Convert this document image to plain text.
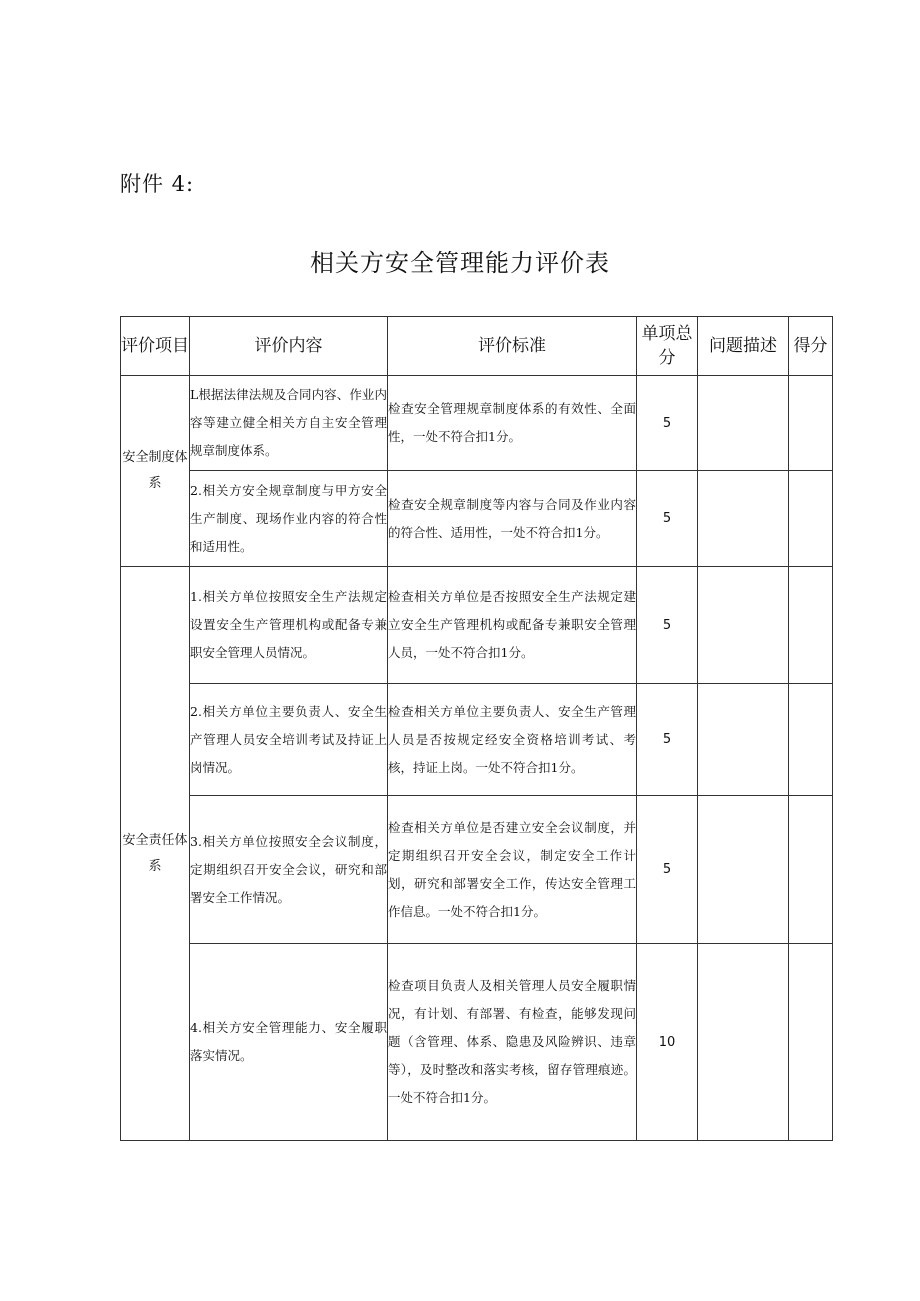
附件 4:
相关方安全管理能力评价表
评价项目	评价内容	评价标准	单项总分	问题描述	得分
安全制度体系	L根据法律法规及合同内容、作业内容等建立健全相关方自主安全管理规章制度体系。	检查安全管理规章制度体系的有效性、全面性，一处不符合扣1分。	5		
	2.相关方安全规章制度与甲方安全生产制度、现场作业内容的符合性和适用性。	检查安全规章制度等内容与合同及作业内容的符合性、适用性，一处不符合扣1分。	5		
安全责任体系	1.相关方单位按照安全生产法规定设置安全生产管理机构或配备专兼职安全管理人员情况。	检查相关方单位是否按照安全生产法规定建立安全生产管理机构或配备专兼职安全管理人员，一处不符合扣1分。	5		
	2.相关方单位主要负责人、安全生产管理人员安全培训考试及持证上岗情况。	检查相关方单位主要负责人、安全生产管理人员是否按规定经安全资格培训考试、考核，持证上岗。一处不符合扣1分。	5		
	3.相关方单位按照安全会议制度，定期组织召开安全会议，研究和部署安全工作情况。	检查相关方单位是否建立安全会议制度，并定期组织召开安全会议，制定安全工作计划，研究和部署安全工作，传达安全管理工作信息。一处不符合扣1分。	5		
	4.相关方安全管理能力、安全履职落实情况。	检查项目负责人及相关管理人员安全履职情况，有计划、有部署、有检查，能够发现问题（含管理、体系、隐患及风险辨识、违章等），及时整改和落实考核，留存管理痕迹。一处不符合扣1分。	10		
